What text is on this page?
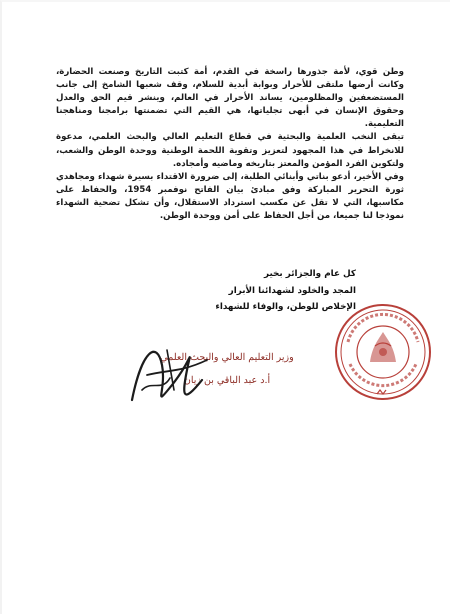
وطن قوي، لأمة جذورها راسخة في القدم، أمة كتبت التاريخ وصنعت الحضارة، وكانت أرضها ملتقى للأحرار وبوابة أبدية للسلام، وقف شعبها الشامخ إلى جانب المستضعفين والمظلومين، يساند الأحرار في العالم، وينشر قيم الحق والعدل وحقوق الإنسان في أبهى تجلياتها، هي القيم التي تضمنتها برامجنا ومناهجنا التعليمية.

تبقى النخب العلمية والبحثية في قطاع التعليم العالي والبحث العلمي، مدعوة للانخراط في هذا المجهود لتعزيز وتقوية اللحمة الوطنية ووحدة الوطن والشعب، ولتكوين الفرد المؤمن والمعتز بتاريخه وماضيه وأمجاده.

وفي الأخير، أدعو بناتي وأبنائي الطلبة، إلى ضرورة الاقتداء بسيرة شهداء ومجاهدي ثورة التحرير المباركة وفق مبادئ بيان الفاتح نوفمبر 1954، والحفاظ على مكاسبها، التي لا تقل عن مكسب استرداد الاستقلال، وأن تشكل تضحية الشهداء نموذجا لنا جميعا، من أجل الحفاظ على أمن ووحدة الوطن.

كل عام والجزائر بخير
المجد والخلود لشهدائنا الأبرار
الإخلاص للوطن، والوفاء للشهداء
وزير التعليم العالي والبحث العلمي
أ.د عبد الباقي بن زيان
